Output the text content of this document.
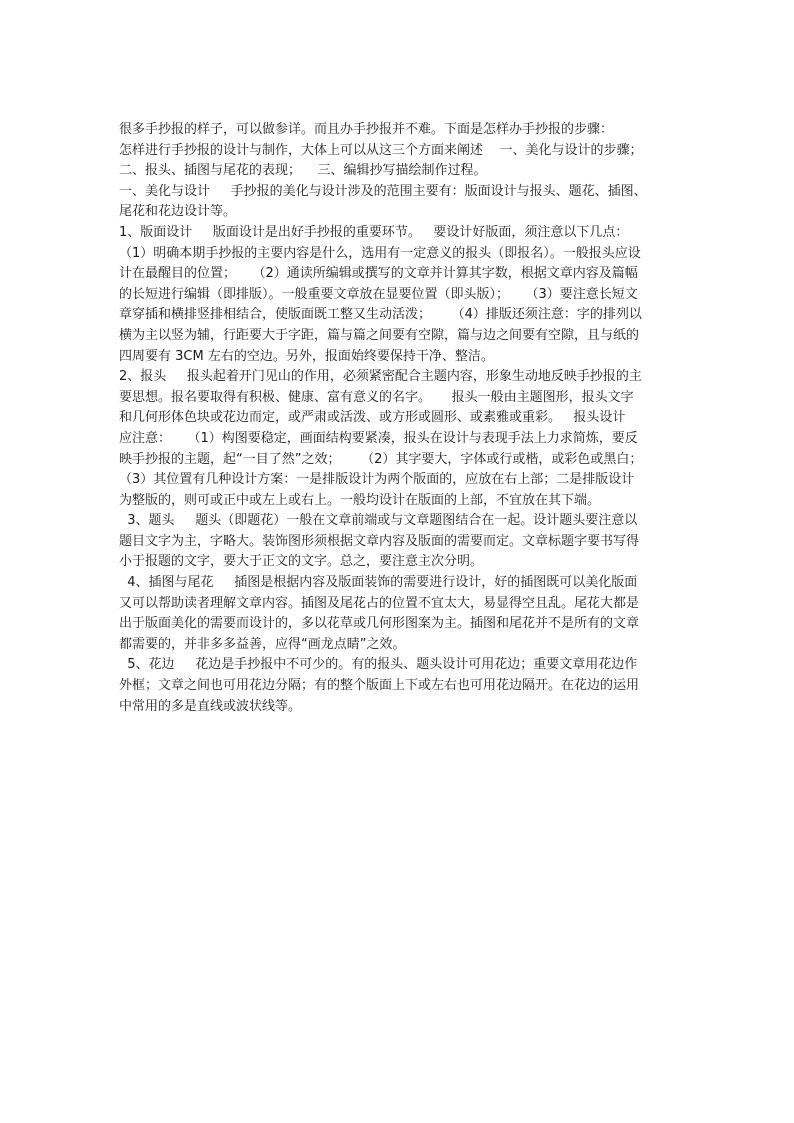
很多手抄报的样子，可以做参详。而且办手抄报并不难。下面是怎样办手抄报的步骤：
怎样进行手抄报的设计与制作，大体上可以从这三个方面来阐述    一、美化与设计的步骤；
二、报头、插图与尾花的表现；    三、编辑抄写描绘制作过程。
一、美化与设计     手抄报的美化与设计涉及的范围主要有：版面设计与报头、题花、插图、
尾花和花边设计等。
1、版面设计     版面设计是出好手抄报的重要环节。   要设计好版面，须注意以下几点：
（1）明确本期手抄报的主要内容是什么，选用有一定意义的报头（即报名）。一般报头应设
计在最醒目的位置；    （2）通读所编辑或撰写的文章并计算其字数，根据文章内容及篇幅
的长短进行编辑（即排版）。一般重要文章放在显要位置（即头版）；    （3）要注意长短文
章穿插和横排竖排相结合，使版面既工整又生动活泼；     （4）排版还须注意：字的排列以
横为主以竖为辅，行距要大于字距，篇与篇之间要有空隙，篇与边之间要有空隙，且与纸的
四周要有 3CM 左右的空边。另外，报面始终要保持干净、整洁。
2、报头     报头起着开门见山的作用，必须紧密配合主题内容，形象生动地反映手抄报的主
要思想。报名要取得有积极、健康、富有意义的名字。     报头一般由主题图形，报头文字
和几何形体色块或花边而定，或严肃或活泼、或方形或圆形、或素雅或重彩。   报头设计
应注意：    （1）构图要稳定，画面结构要紧凑，报头在设计与表现手法上力求简炼，要反
映手抄报的主题，起“一目了然”之效；     （2）其字要大，字体或行或楷，或彩色或黑白；
（3）其位置有几种设计方案：一是排版设计为两个版面的，应放在右上部；二是排版设计
为整版的，则可或正中或左上或右上。一般均设计在版面的上部，不宜放在其下端。
3、题头     题头（即题花）一般在文章前端或与文章题图结合在一起。设计题头要注意以
题目文字为主，字略大。装饰图形须根据文章内容及版面的需要而定。文章标题字要书写得
小于报题的文字，要大于正文的文字。总之，要注意主次分明。
4、插图与尾花     插图是根据内容及版面装饰的需要进行设计，好的插图既可以美化版面
又可以帮助读者理解文章内容。插图及尾花占的位置不宜太大，易显得空且乱。尾花大都是
出于版面美化的需要而设计的，多以花草或几何形图案为主。插图和尾花并不是所有的文章
都需要的，并非多多益善，应得“画龙点睛”之效。
5、花边     花边是手抄报中不可少的。有的报头、题头设计可用花边；重要文章用花边作
外框；文章之间也可用花边分隔；有的整个版面上下或左右也可用花边隔开。在花边的运用
中常用的多是直线或波状线等。
